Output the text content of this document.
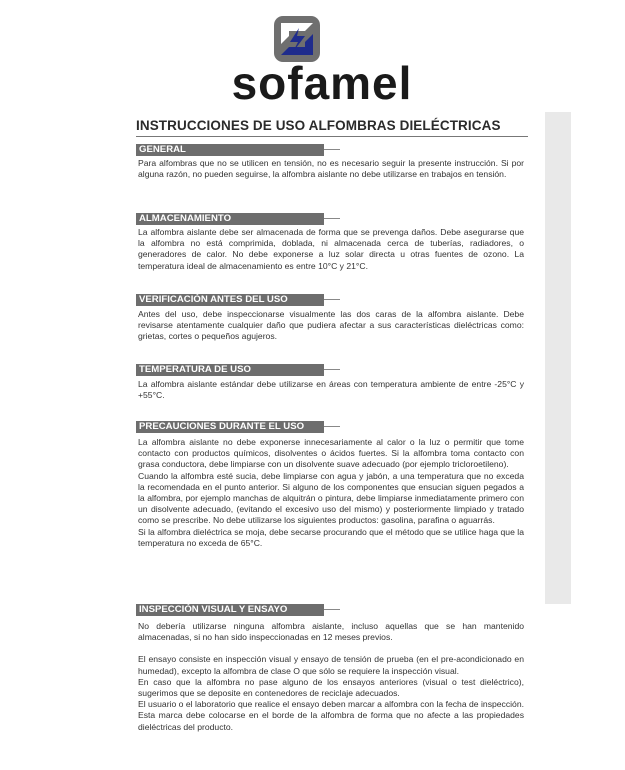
sofamel
INSTRUCCIONES DE USO ALFOMBRAS DIELÉCTRICAS
GENERAL

Para alfombras que no se utilicen en tensión, no es necesario seguir la presente instrucción. Si por alguna razón, no pueden seguirse, la alfombra aislante no debe utilizarse en trabajos en tensión.

ALMACENAMIENTO

La alfombra aislante debe ser almacenada de forma que se prevenga daños. Debe asegurarse que la alfombra no está comprimida, doblada, ni almacenada cerca de tuberías, radiadores, o generadores de calor. No debe exponerse a luz solar directa u otras fuentes de ozono. La temperatura ideal de almacenamiento es entre 10°C y 21°C.

VERIFICACIÓN ANTES DEL USO

Antes del uso, debe inspeccionarse visualmente las dos caras de la alfombra aislante. Debe revisarse atentamente cualquier daño que pudiera afectar a sus características dieléctricas como: grietas, cortes o pequeños agujeros.

TEMPERATURA DE USO

La alfombra aislante estándar debe utilizarse en áreas con temperatura ambiente de entre -25°C y +55°C.

PRECAUCIONES DURANTE EL USO

La alfombra aislante no debe exponerse innecesariamente al calor o la luz o permitir que tome contacto con productos químicos, disolventes o ácidos fuertes. Si la alfombra toma contacto con grasa conductora, debe limpiarse con un disolvente suave adecuado (por ejemplo tricloroetileno).

Cuando la alfombra esté sucia, debe limpiarse con agua y jabón, a una temperatura que no exceda la recomendada en el punto anterior. Si alguno de los componentes que ensucian siguen pegados a la alfombra, por ejemplo manchas de alquitrán o pintura, debe limpiarse inmediatamente primero con un disolvente adecuado, (evitando el excesivo uso del mismo) y posteriormente limpiado y tratado como se prescribe. No debe utilizarse los siguientes productos: gasolina, parafina o aguarrás.

Si la alfombra dieléctrica se moja, debe secarse procurando que el método que se utilice haga que la temperatura no exceda de 65°C.

INSPECCIÓN VISUAL Y ENSAYO

No debería utilizarse ninguna alfombra aislante, incluso aquellas que se han mantenido almacenadas, si no han sido inspeccionadas en 12 meses previos.

El ensayo consiste en inspección visual y ensayo de tensión de prueba (en el pre-acondicionado en humedad), excepto la alfombra de clase O que sólo se requiere la inspección visual.

En caso que la alfombra no pase alguno de los ensayos anteriores (visual o test dieléctrico), sugerimos que se deposite en contenedores de reciclaje adecuados.

El usuario o el laboratorio que realice el ensayo deben marcar a alfombra con la fecha de inspección. Esta marca debe colocarse en el borde de la alfombra de forma que no afecte a las propiedades dieléctricas del producto.
